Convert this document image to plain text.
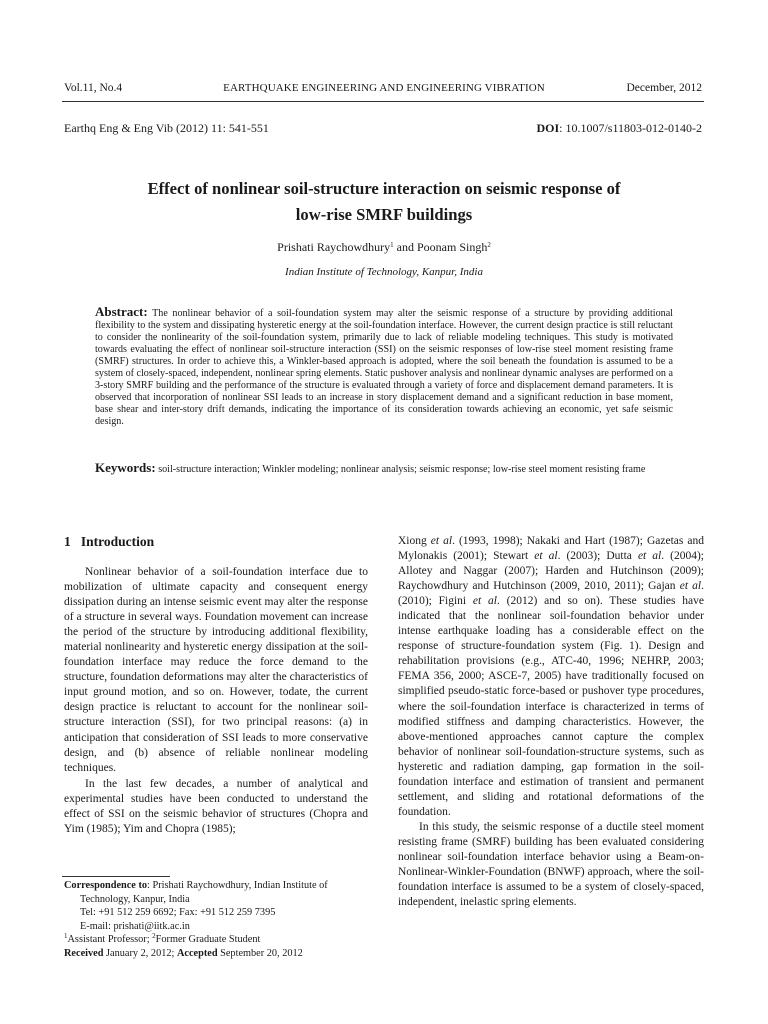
Vol.11, No.4	EARTHQUAKE ENGINEERING AND ENGINEERING VIBRATION	December, 2012
Earthq Eng & Eng Vib (2012) 11: 541-551	DOI: 10.1007/s11803-012-0140-2
Effect of nonlinear soil-structure interaction on seismic response of
low-rise SMRF buildings
Prishati Raychowdhury$^1$ and Poonam Singh$^2$
Indian Institute of Technology, Kanpur, India
Abstract: The nonlinear behavior of a soil-foundation system may alter the seismic response of a structure by providing additional flexibility to the system and dissipating hysteretic energy at the soil-foundation interface. However, the current design practice is still reluctant to consider the nonlinearity of the soil-foundation system, primarily due to lack of reliable modeling techniques. This study is motivated towards evaluating the effect of nonlinear soil-structure interaction (SSI) on the seismic responses of low-rise steel moment resisting frame (SMRF) structures. In order to achieve this, a Winkler-based approach is adopted, where the soil beneath the foundation is assumed to be a system of closely-spaced, independent, nonlinear spring elements. Static pushover analysis and nonlinear dynamic analyses are performed on a 3-story SMRF building and the performance of the structure is evaluated through a variety of force and displacement demand parameters. It is observed that incorporation of nonlinear SSI leads to an increase in story displacement demand and a significant reduction in base moment, base shear and inter-story drift demands, indicating the importance of its consideration towards achieving an economic, yet safe seismic design.
Keywords: soil-structure interaction; Winkler modeling; nonlinear analysis; seismic response; low-rise steel moment resisting frame
1   Introduction

Nonlinear behavior of a soil-foundation interface due to mobilization of ultimate capacity and consequent energy dissipation during an intense seismic event may alter the response of a structure in several ways. Foundation movement can increase the period of the structure by introducing additional flexibility, material nonlinearity and hysteretic energy dissipation at the soil-foundation interface may reduce the force demand to the structure, foundation deformations may alter the characteristics of input ground motion, and so on. However, todate, the current design practice is reluctant to account for the nonlinear soil-structure interaction (SSI), for two principal reasons: (a) in anticipation that consideration of SSI leads to more conservative design, and (b) absence of reliable nonlinear modeling techniques.

In the last few decades, a number of analytical and experimental studies have been conducted to understand the effect of SSI on the seismic behavior of structures (Chopra and Yim (1985); Yim and Chopra (1985);

Xiong et al. (1993, 1998); Nakaki and Hart (1987); Gazetas and Mylonakis (2001); Stewart et al. (2003); Dutta et al. (2004); Allotey and Naggar (2007); Harden and Hutchinson (2009); Raychowdhury and Hutchinson (2009, 2010, 2011); Gajan et al. (2010); Figini et al. (2012) and so on). These studies have indicated that the nonlinear soil-foundation behavior under intense earthquake loading has a considerable effect on the response of structure-foundation system (Fig. 1). Design and rehabilitation provisions (e.g., ATC-40, 1996; NEHRP, 2003; FEMA 356, 2000; ASCE-7, 2005) have traditionally focused on simplified pseudo-static force-based or pushover type procedures, where the soil-foundation interface is characterized in terms of modified stiffness and damping characteristics. However, the above-mentioned approaches cannot capture the complex behavior of nonlinear soil-foundation-structure systems, such as hysteretic and radiation damping, gap formation in the soil-foundation interface and estimation of transient and permanent settlement, and sliding and rotational deformations of the foundation.

In this study, the seismic response of a ductile steel moment resisting frame (SMRF) building has been evaluated considering nonlinear soil-foundation interface behavior using a Beam-on-Nonlinear-Winkler-Foundation (BNWF) approach, where the soil-foundation interface is assumed to be a system of closely-spaced, independent, inelastic spring elements.

Correspondence to: Prishati Raychowdhury, Indian Institute of
Technology, Kanpur, India
Tel: +91 512 259 6692; Fax: +91 512 259 7395
E-mail: prishati@iitk.ac.in
$^1$Assistant Professor; $^2$Former Graduate Student
Received January 2, 2012; Accepted September 20, 2012
